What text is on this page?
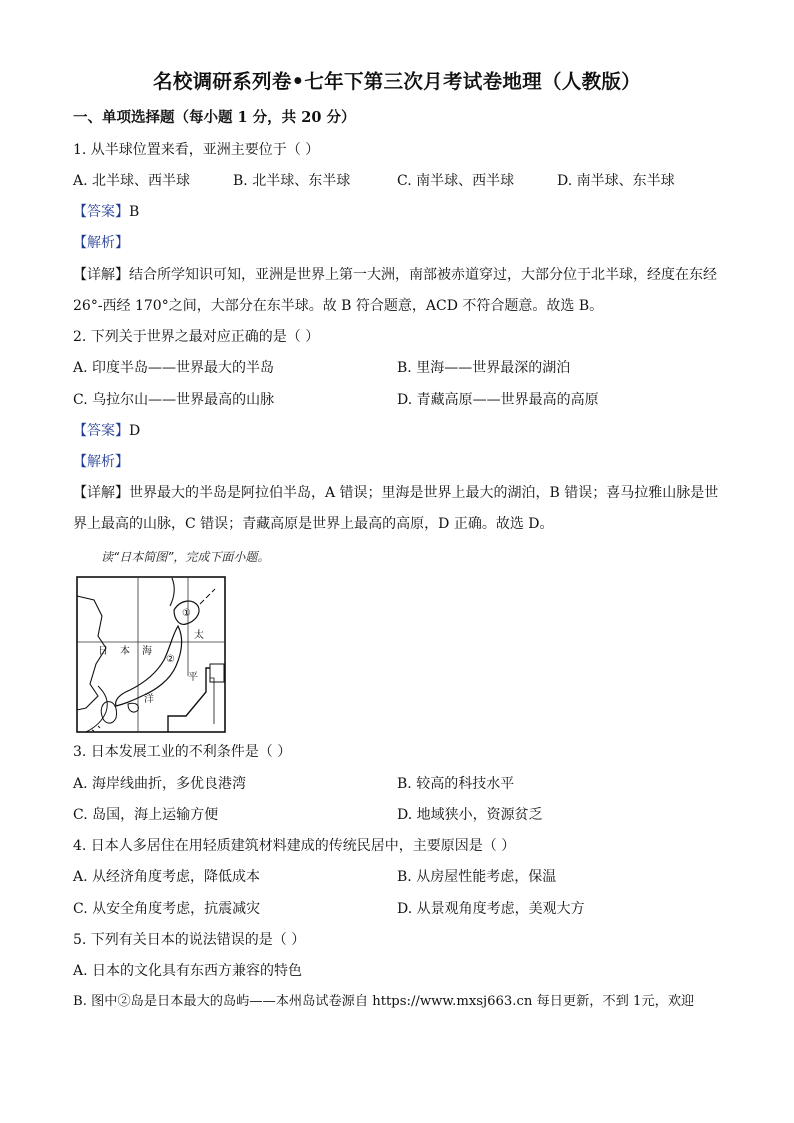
名校调研系列卷•七年下第三次月考试卷地理（人教版）
一、单项选择题（每小题 1 分，共 20 分）
1. 从半球位置来看，亚洲主要位于（ ）
A. 北半球、西半球	B. 北半球、东半球	C. 南半球、西半球	D. 南半球、东半球
【答案】B
【解析】
【详解】结合所学知识可知，亚洲是世界上第一大洲，南部被赤道穿过，大部分位于北半球，经度在东经
26°-西经 170°之间，大部分在东半球。故 B 符合题意，ACD 不符合题意。故选 B。
2. 下列关于世界之最对应正确的是（ ）
A. 印度半岛——世界最大的半岛	B. 里海——世界最深的湖泊
C. 乌拉尔山——世界最高的山脉	D. 青藏高原——世界最高的高原
【答案】D
【解析】
【详解】世界最大的半岛是阿拉伯半岛，A 错误；里海是世界上最大的湖泊，B 错误；喜马拉雅山脉是世
界上最高的山脉，C 错误；青藏高原是世界上最高的高原，D 正确。故选 D。
读“日本简图”，完成下面小题。
日 本 海
太
平
洋
①
②
3. 日本发展工业的不利条件是（ ）
A. 海岸线曲折，多优良港湾	B. 较高的科技水平
C. 岛国，海上运输方便	D. 地域狭小，资源贫乏
4. 日本人多居住在用轻质建筑材料建成的传统民居中，主要原因是（ ）
A. 从经济角度考虑，降低成本	B. 从房屋性能考虑，保温
C. 从安全角度考虑，抗震减灾	D. 从景观角度考虑，美观大方
5. 下列有关日本的说法错误的是（ ）
A. 日本的文化具有东西方兼容的特色
B. 图中②岛是日本最大的岛屿——本州岛试卷源自 https://www.mxsj663.cn 每日更新，不到 1元，欢迎
